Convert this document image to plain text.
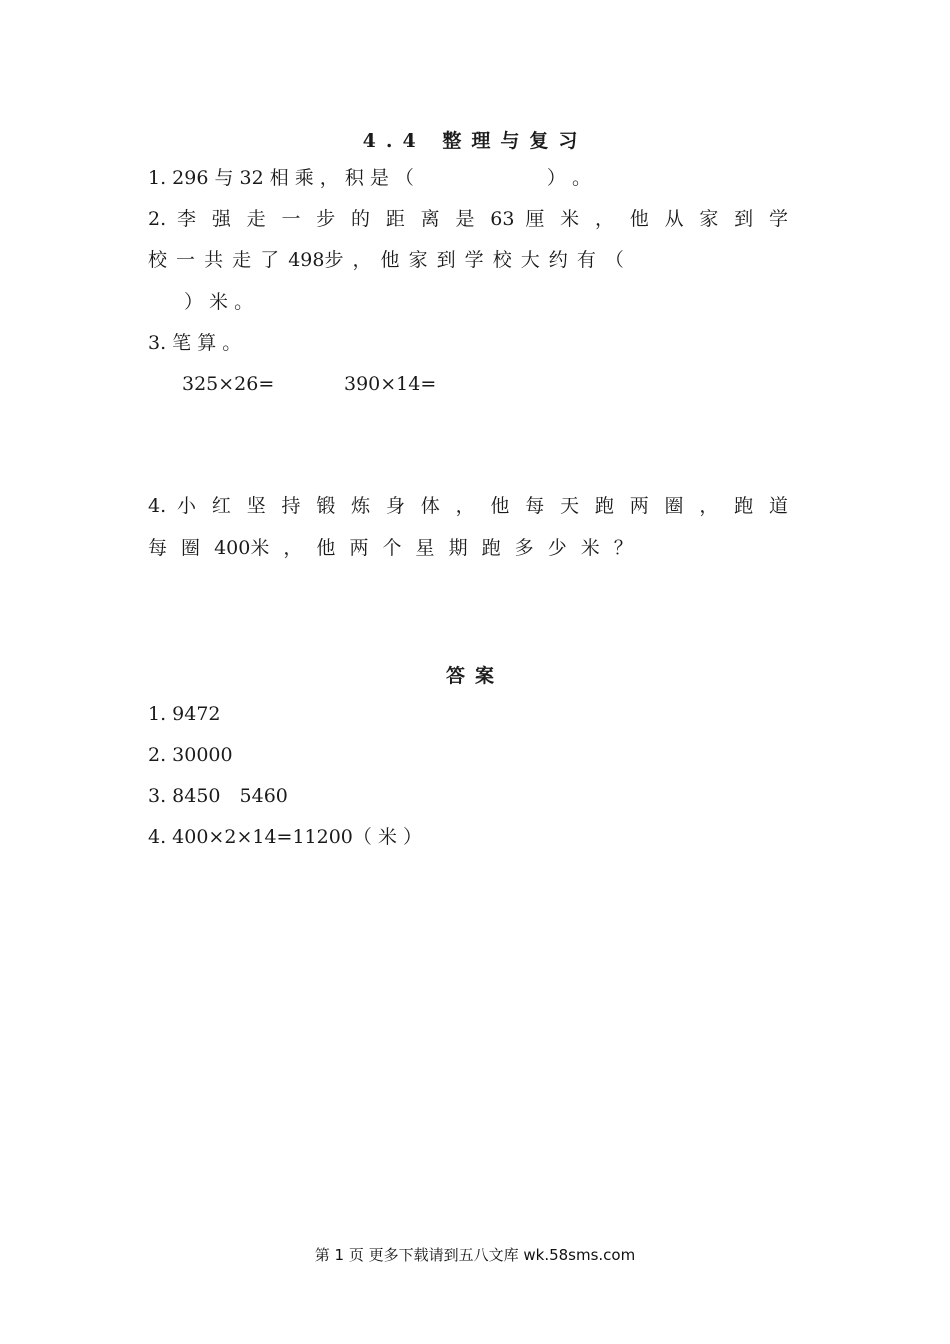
4.4 整理与复习
1. 296 与 32 相 乘 ， 积 是 （　　　　　　　） 。
2. 李 强 走 一 步 的 距 离 是 63 厘 米 ， 他 从 家 到 学
校 一 共 走 了 498步 ， 他 家 到 学 校 大 约 有 （
） 米 。
3. 笔 算 。
325×26=	390×14=
4. 小 红 坚 持 锻 炼 身 体 ， 他 每 天 跑 两 圈 ， 跑 道
每 圈 400米 ， 他 两 个 星 期 跑 多 少 米 ？
答案
1. 9472
2. 30000
3. 8450　5460
4. 400×2×14=11200（ 米 ）
第 1 页 更多下载请到五八文库 wk.58sms.com
